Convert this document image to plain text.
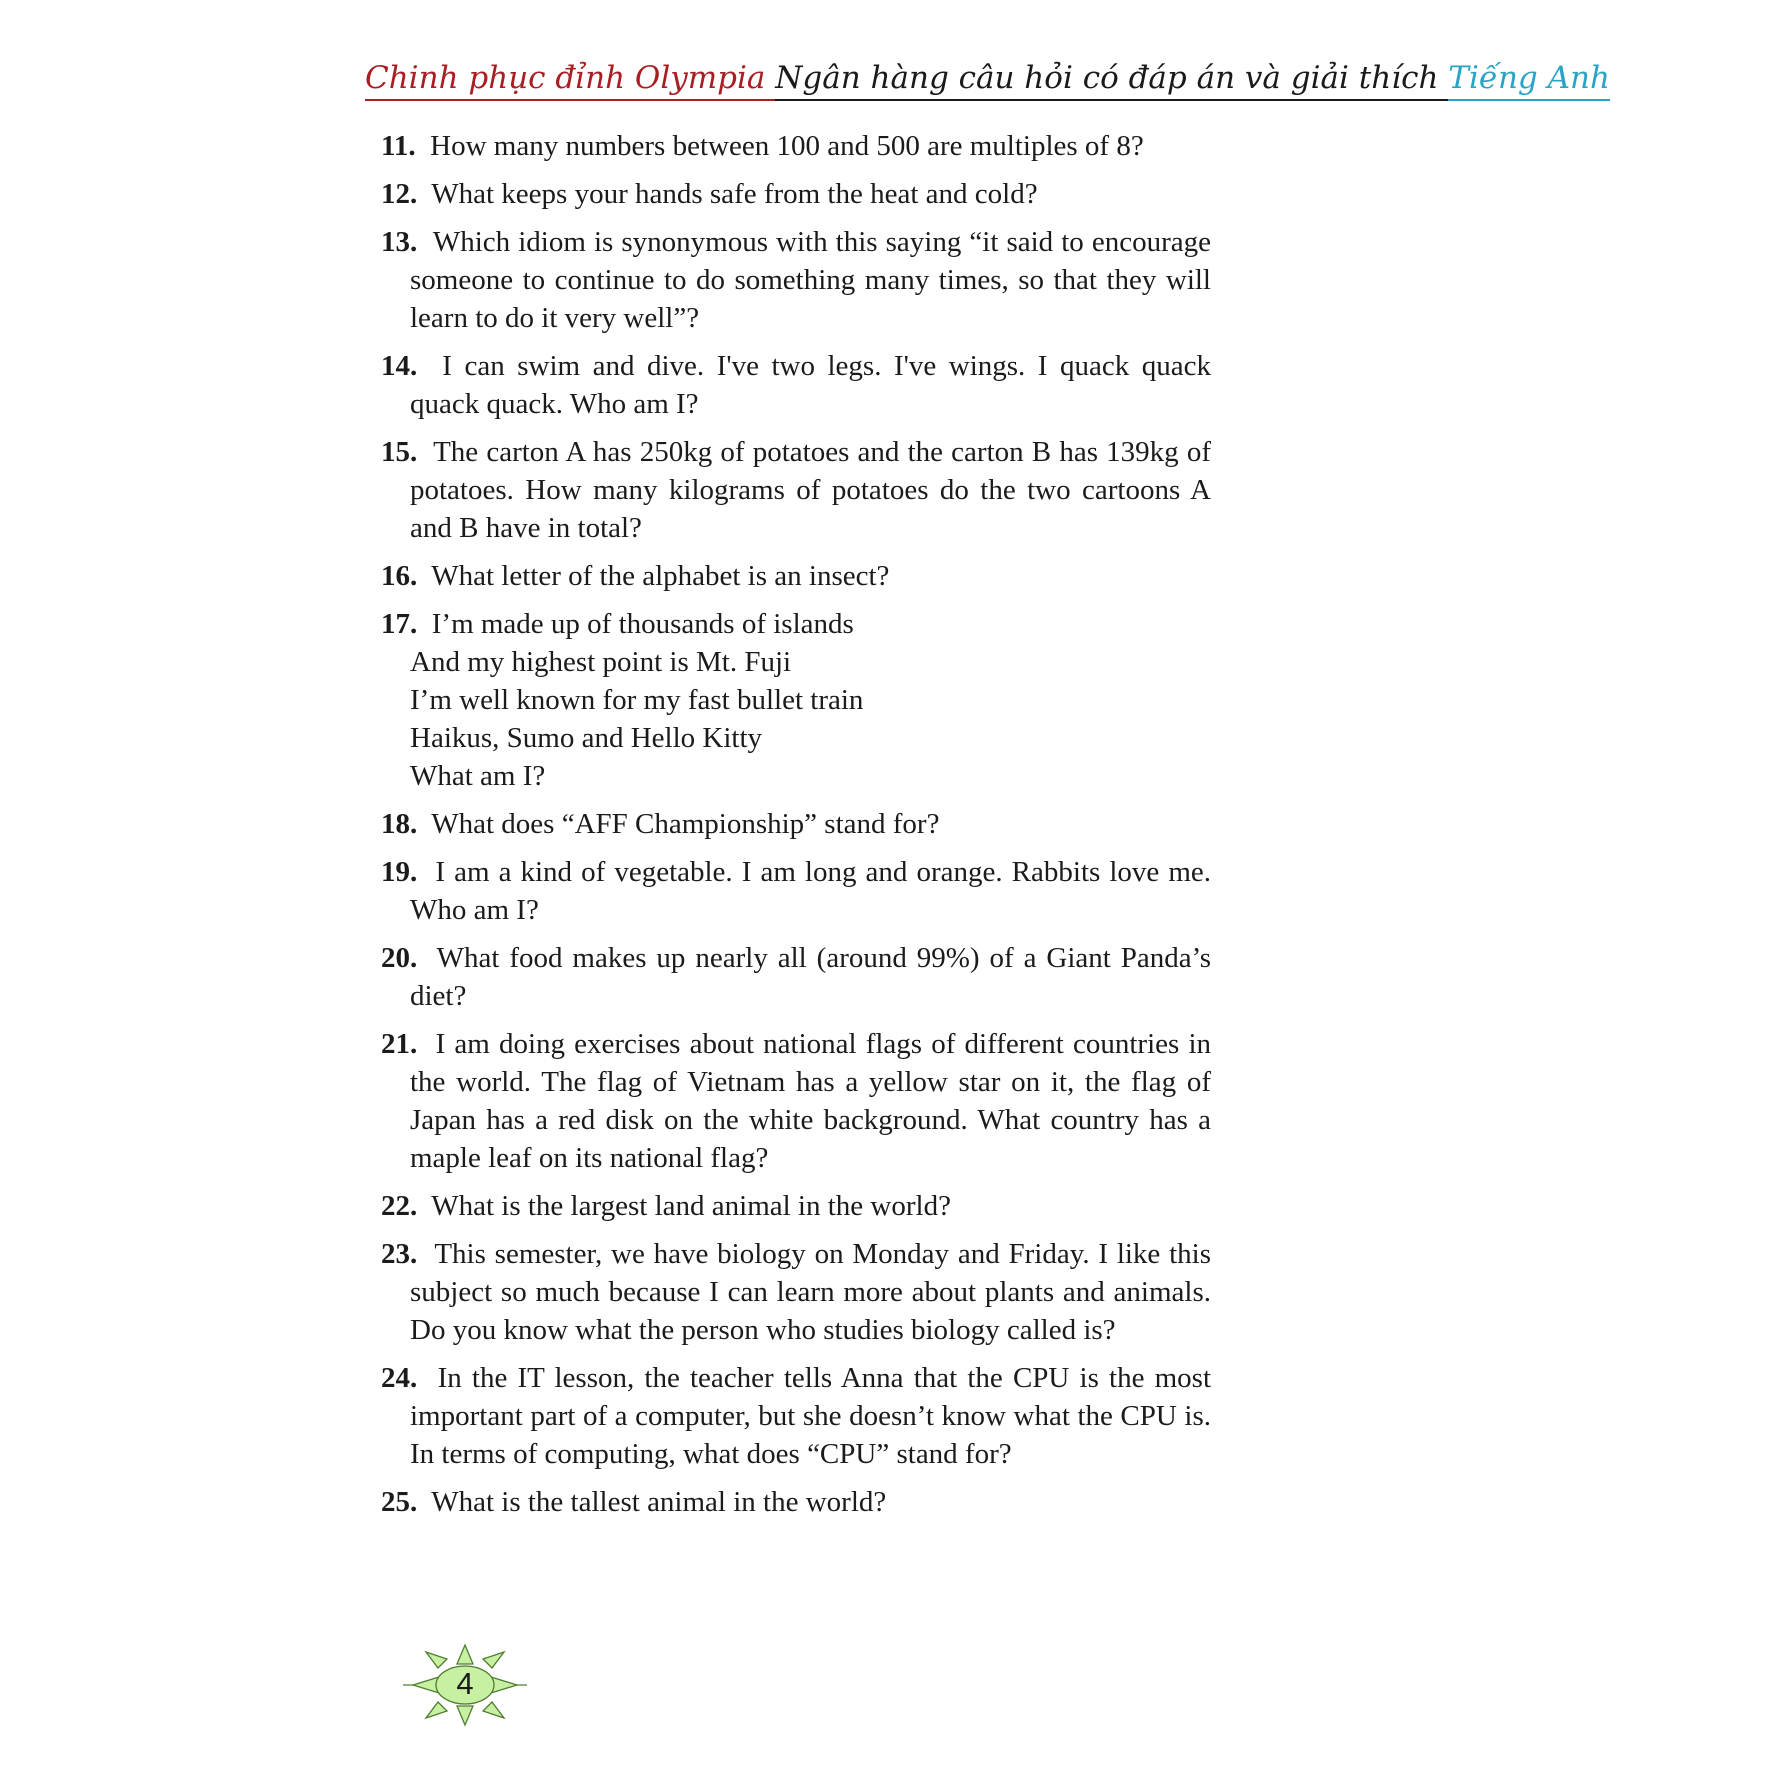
Chinh phục đỉnh Olympia Ngân hàng câu hỏi có đáp án và giải thích Tiếng Anh

11. How many numbers between 100 and 500 are multiples of 8?

12. What keeps your hands safe from the heat and cold?

13. Which idiom is synonymous with this saying “it said to encourage someone to continue to do something many times, so that they will learn to do it very well”?

14. I can swim and dive. I've two legs. I've wings. I quack quack quack quack. Who am I?

15. The carton A has 250kg of potatoes and the carton B has 139kg of potatoes. How many kilograms of potatoes do the two cartoons A and B have in total?

16. What letter of the alphabet is an insect?

17. I’m made up of thousands of islands
And my highest point is Mt. Fuji
I’m well known for my fast bullet train
Haikus, Sumo and Hello Kitty
What am I?

18. What does “AFF Championship” stand for?

19. I am a kind of vegetable. I am long and orange. Rabbits love me. Who am I?

20. What food makes up nearly all (around 99%) of a Giant Panda’s diet?

21. I am doing exercises about national flags of different countries in the world. The flag of Vietnam has a yellow star on it, the flag of Japan has a red disk on the white background. What country has a maple leaf on its national flag?

22. What is the largest land animal in the world?

23. This semester, we have biology on Monday and Friday. I like this subject so much because I can learn more about plants and animals. Do you know what the person who studies biology called is?

24. In the IT lesson, the teacher tells Anna that the CPU is the most important part of a computer, but she doesn’t know what the CPU is. In terms of computing, what does “CPU” stand for?

25. What is the tallest animal in the world?

4
